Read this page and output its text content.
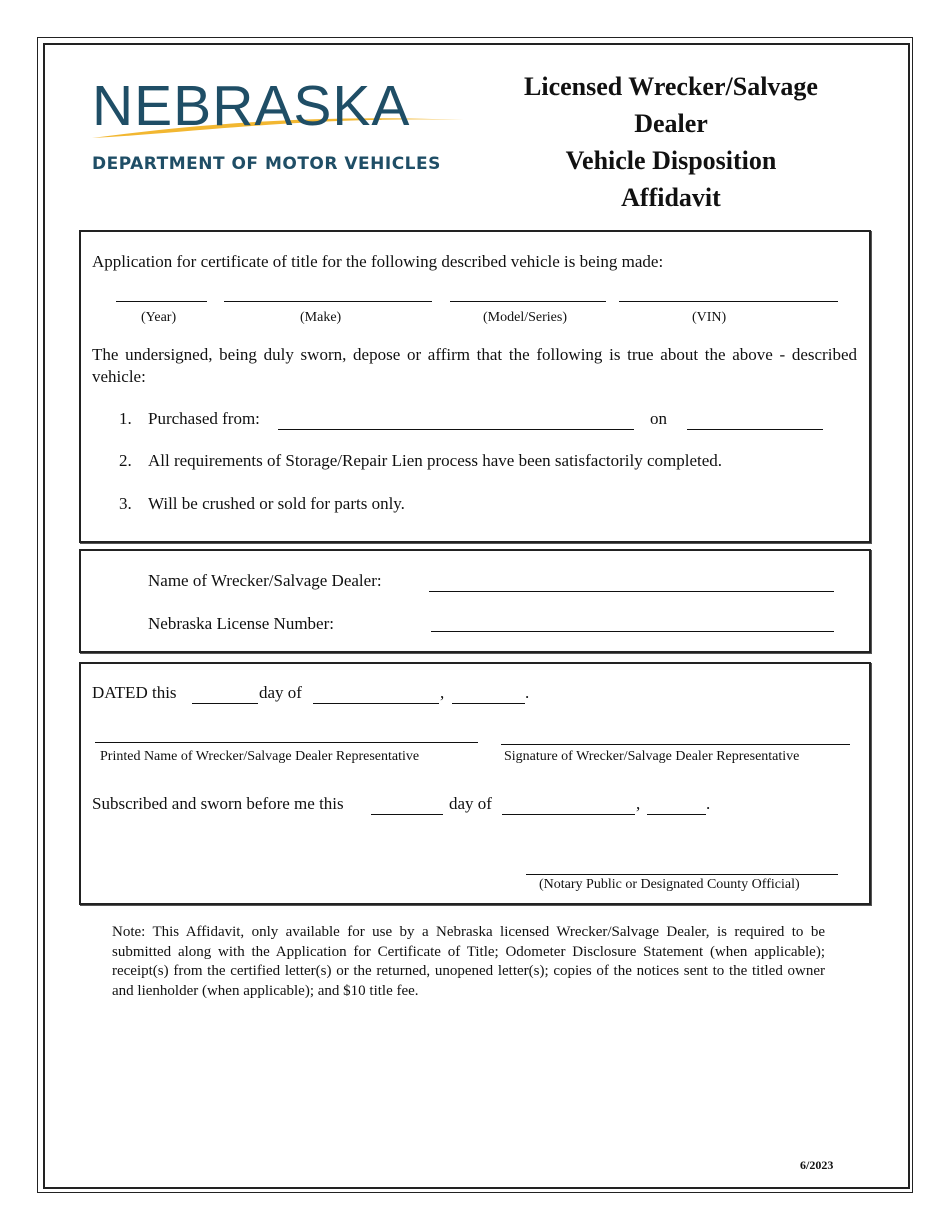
NEBRASKA
DEPARTMENT OF MOTOR VEHICLES
Licensed Wrecker/Salvage
Dealer
Vehicle Disposition
Affidavit
Application for certificate of title for the following described vehicle is being made:
(Year)	(Make)	(Model/Series)	(VIN)
The undersigned, being duly sworn, depose or affirm that the following is true about the above - described vehicle:
1. Purchased from:	on
2. All requirements of Storage/Repair Lien process have been satisfactorily completed.
3. Will be crushed or sold for parts only.
Name of Wrecker/Salvage Dealer:
Nebraska License Number:
DATED this	day of	,	.
Printed Name of Wrecker/Salvage Dealer Representative	Signature of Wrecker/Salvage Dealer Representative
Subscribed and sworn before me this	day of	,	.
(Notary Public or Designated County Official)
Note: This Affidavit, only available for use by a Nebraska licensed Wrecker/Salvage Dealer, is required to be submitted along with the Application for Certificate of Title; Odometer Disclosure Statement (when applicable); receipt(s) from the certified letter(s) or the returned, unopened letter(s); copies of the notices sent to the titled owner and lienholder (when applicable); and $10 title fee.
6/2023
